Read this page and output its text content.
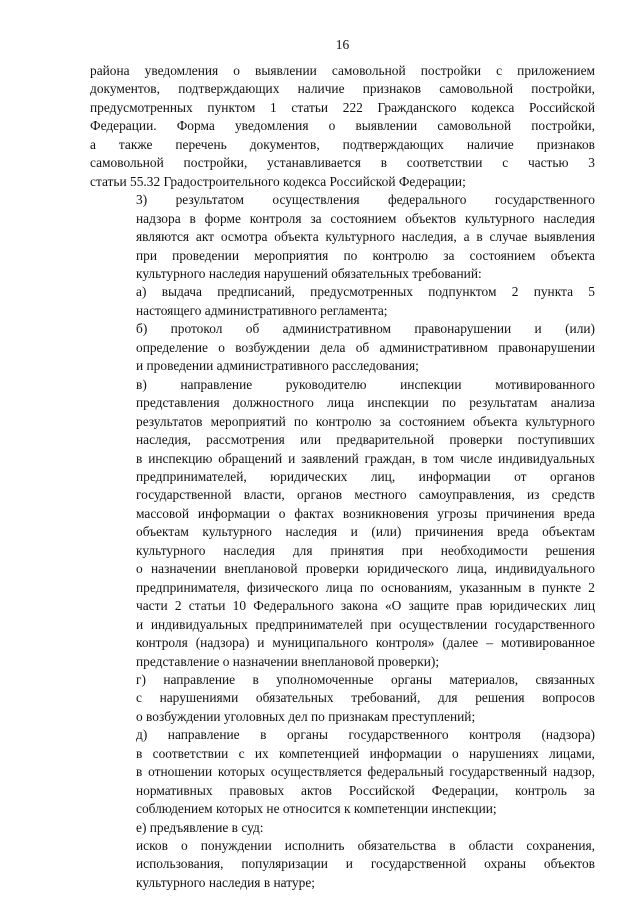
16

района уведомления о выявлении самовольной постройки с приложением
документов, подтверждающих наличие признаков самовольной постройки,
предусмотренных пунктом 1 статьи 222 Гражданского кодекса Российской
Федерации. Форма уведомления о выявлении самовольной постройки,
а также перечень документов, подтверждающих наличие признаков
самовольной постройки, устанавливается в соответствии с частью 3
статьи 55.32 Градостроительного кодекса Российской Федерации;

3) результатом осуществления федерального государственного
надзора в форме контроля за состоянием объектов культурного наследия
являются акт осмотра объекта культурного наследия, а в случае выявления
при проведении мероприятия по контролю за состоянием объекта
культурного наследия нарушений обязательных требований:

а) выдача предписаний, предусмотренных подпунктом 2 пункта 5
настоящего административного регламента;

б) протокол об административном правонарушении и (или)
определение о возбуждении дела об административном правонарушении
и проведении административного расследования;

в) направление руководителю инспекции мотивированного
представления должностного лица инспекции по результатам анализа
результатов мероприятий по контролю за состоянием объекта культурного
наследия, рассмотрения или предварительной проверки поступивших
в инспекцию обращений и заявлений граждан, в том числе индивидуальных
предпринимателей, юридических лиц, информации от органов
государственной власти, органов местного самоуправления, из средств
массовой информации о фактах возникновения угрозы причинения вреда
объектам культурного наследия и (или) причинения вреда объектам
культурного наследия для принятия при необходимости решения
о назначении внеплановой проверки юридического лица, индивидуального
предпринимателя, физического лица по основаниям, указанным в пункте 2
части 2 статьи 10 Федерального закона «О защите прав юридических лиц
и индивидуальных предпринимателей при осуществлении государственного
контроля (надзора) и муниципального контроля» (далее – мотивированное
представление о назначении внеплановой проверки);

г) направление в уполномоченные органы материалов, связанных
с нарушениями обязательных требований, для решения вопросов
о возбуждении уголовных дел по признакам преступлений;

д) направление в органы государственного контроля (надзора)
в соответствии с их компетенцией информации о нарушениях лицами,
в отношении которых осуществляется федеральный государственный надзор,
нормативных правовых актов Российской Федерации, контроль за
соблюдением которых не относится к компетенции инспекции;

е) предъявление в суд:

исков о понуждении исполнить обязательства в области сохранения,
использования, популяризации и государственной охраны объектов
культурного наследия в натуре;
